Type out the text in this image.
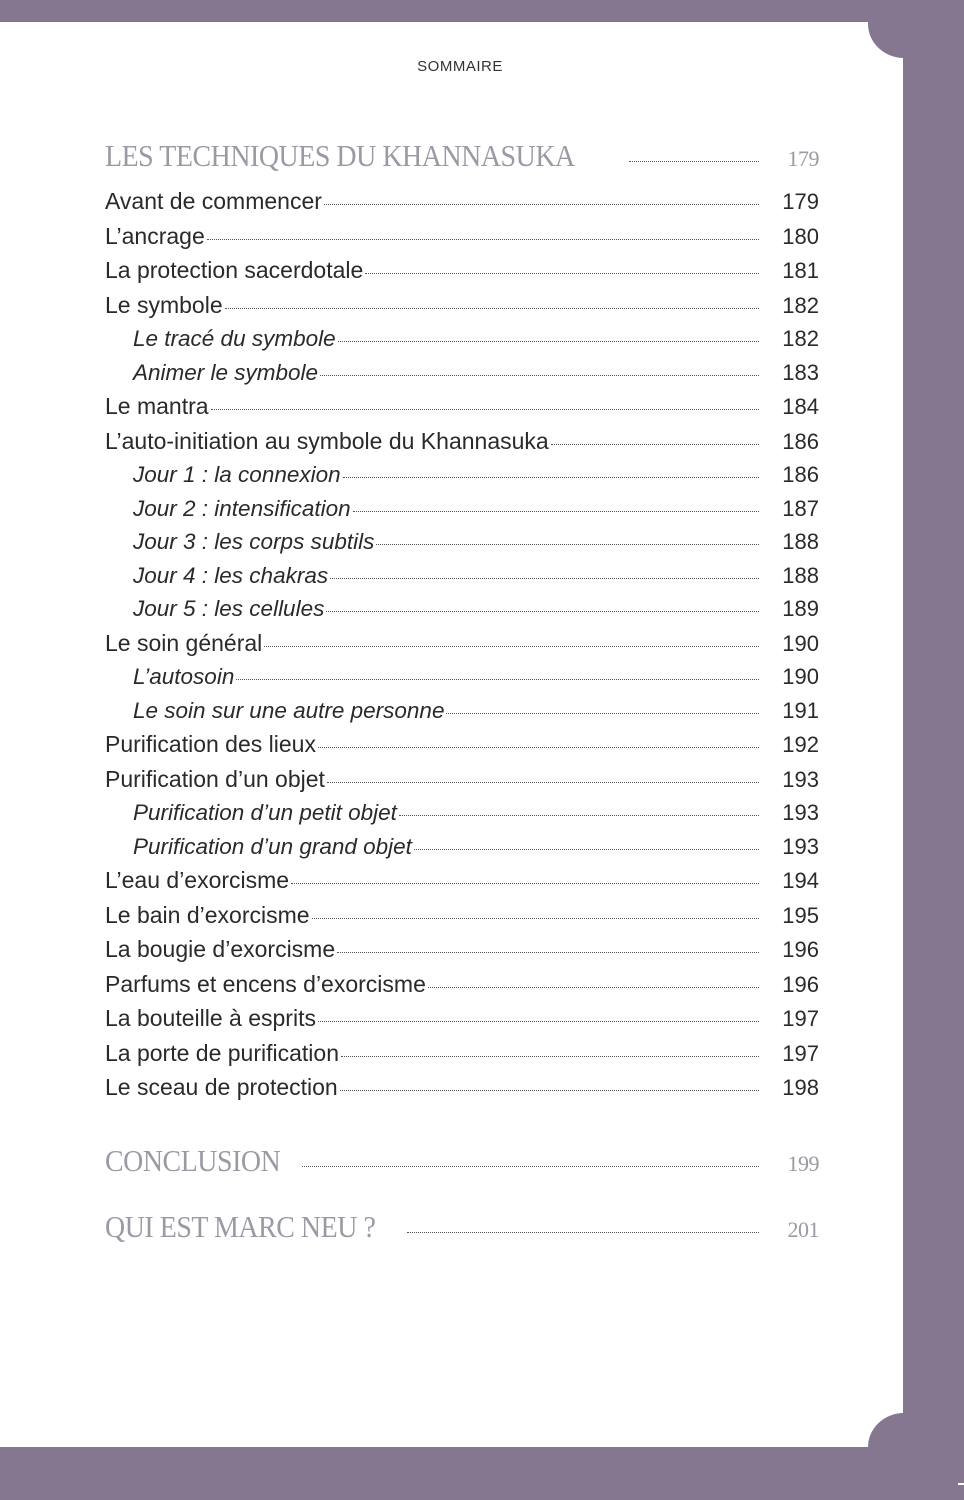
SOMMAIRE
LES TECHNIQUES DU KHANNASUKA	179
Avant de commencer	179
L’ancrage	180
La protection sacerdotale	181
Le symbole	182
Le tracé du symbole	182
Animer le symbole	183
Le mantra	184
L’auto-initiation au symbole du Khannasuka	186
Jour 1 : la connexion	186
Jour 2 : intensification	187
Jour 3 : les corps subtils	188
Jour 4 : les chakras	188
Jour 5 : les cellules	189
Le soin général	190
L’autosoin	190
Le soin sur une autre personne	191
Purification des lieux	192
Purification d’un objet	193
Purification d’un petit objet	193
Purification d’un grand objet	193
L’eau d’exorcisme	194
Le bain d’exorcisme	195
La bougie d’exorcisme	196
Parfums et encens d’exorcisme	196
La bouteille à esprits	197
La porte de purification	197
Le sceau de protection	198
CONCLUSION	199
QUI EST MARC NEU ?	201
